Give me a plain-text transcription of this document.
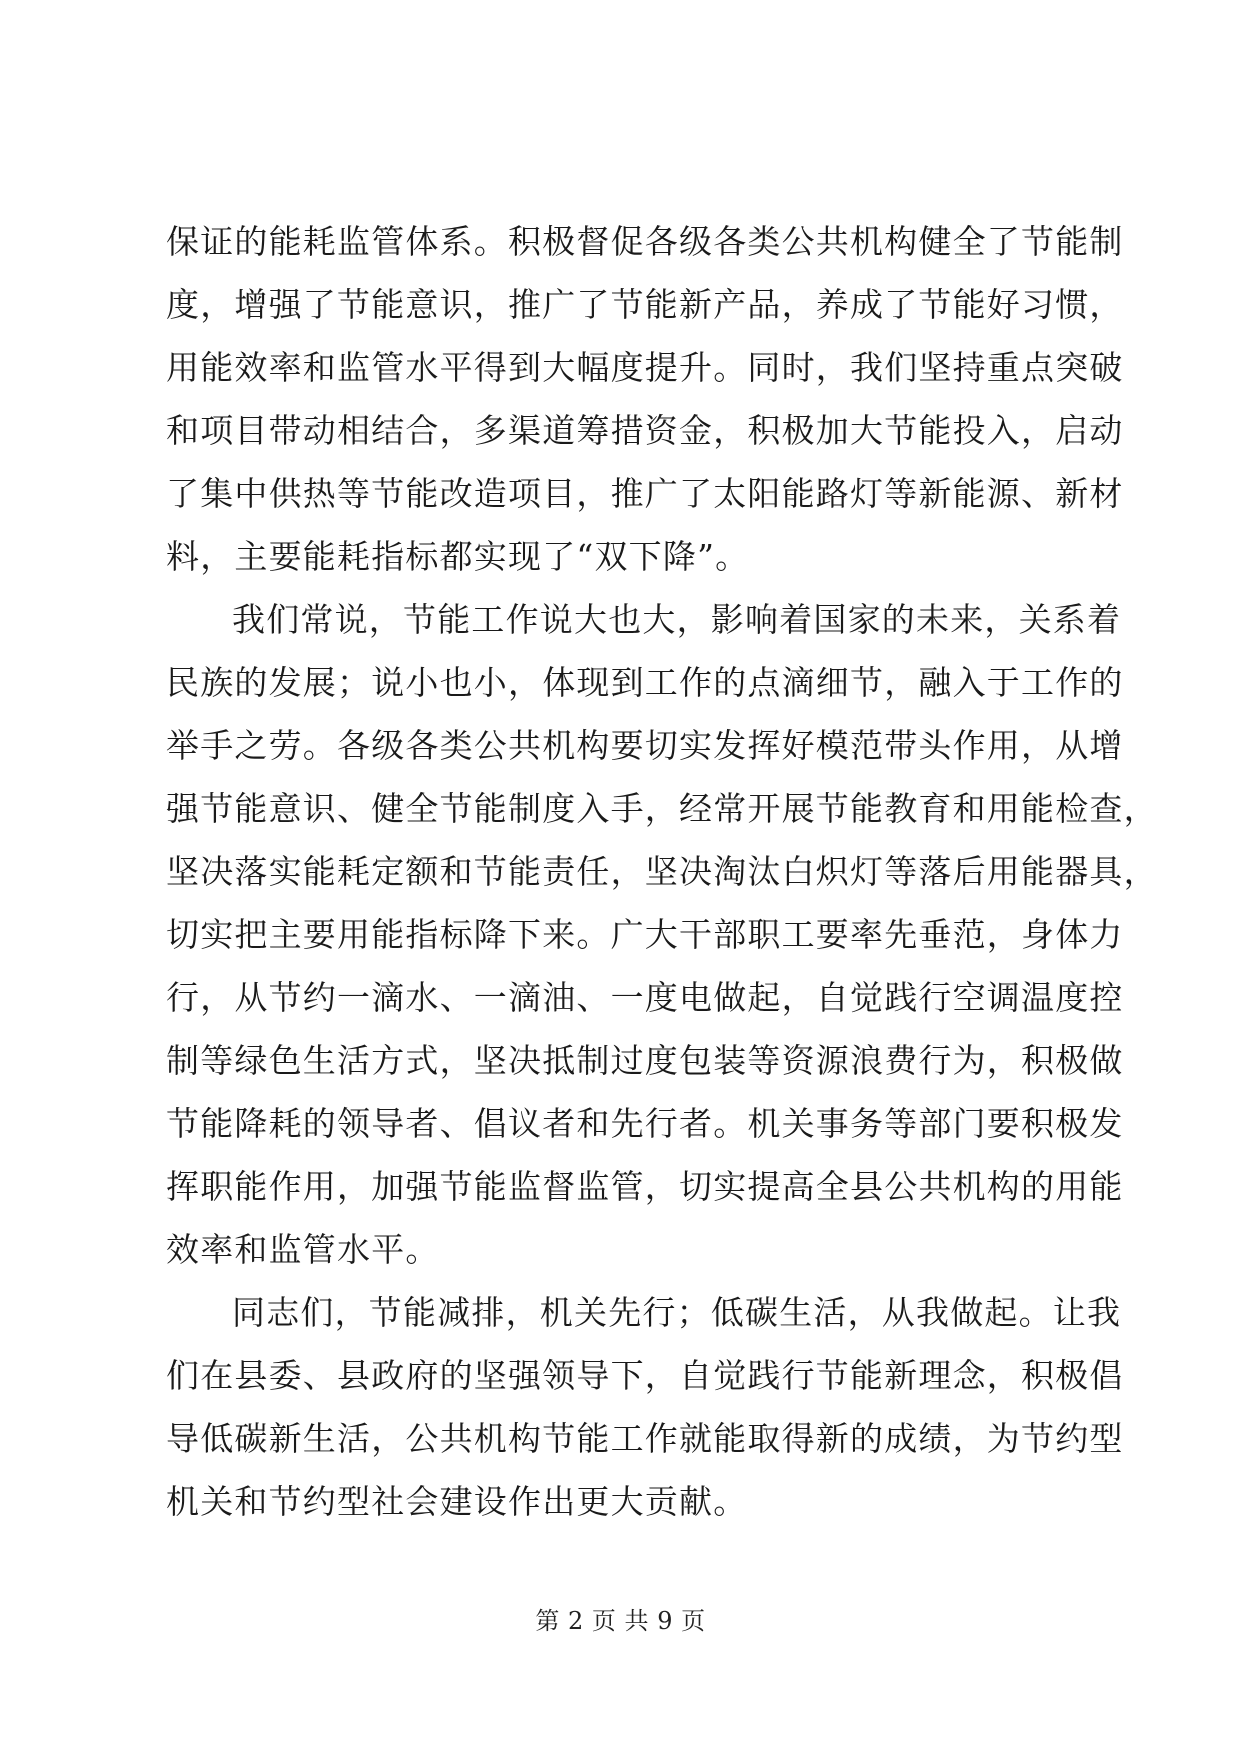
保证的能耗监管体系。积极督促各级各类公共机构健全了节能制
度，增强了节能意识，推广了节能新产品，养成了节能好习惯，
用能效率和监管水平得到大幅度提升。同时，我们坚持重点突破
和项目带动相结合，多渠道筹措资金，积极加大节能投入，启动
了集中供热等节能改造项目，推广了太阳能路灯等新能源、新材
料，主要能耗指标都实现了“双下降”。
我们常说，节能工作说大也大，影响着国家的未来，关系着
民族的发展；说小也小，体现到工作的点滴细节，融入于工作的
举手之劳。各级各类公共机构要切实发挥好模范带头作用，从增
强节能意识、健全节能制度入手，经常开展节能教育和用能检查，
坚决落实能耗定额和节能责任，坚决淘汰白炽灯等落后用能器具，
切实把主要用能指标降下来。广大干部职工要率先垂范，身体力
行，从节约一滴水、一滴油、一度电做起，自觉践行空调温度控
制等绿色生活方式，坚决抵制过度包装等资源浪费行为，积极做
节能降耗的领导者、倡议者和先行者。机关事务等部门要积极发
挥职能作用，加强节能监督监管，切实提高全县公共机构的用能
效率和监管水平。
同志们，节能减排，机关先行；低碳生活，从我做起。让我
们在县委、县政府的坚强领导下，自觉践行节能新理念，积极倡
导低碳新生活，公共机构节能工作就能取得新的成绩，为节约型
机关和节约型社会建设作出更大贡献。
第 2 页 共 9 页
